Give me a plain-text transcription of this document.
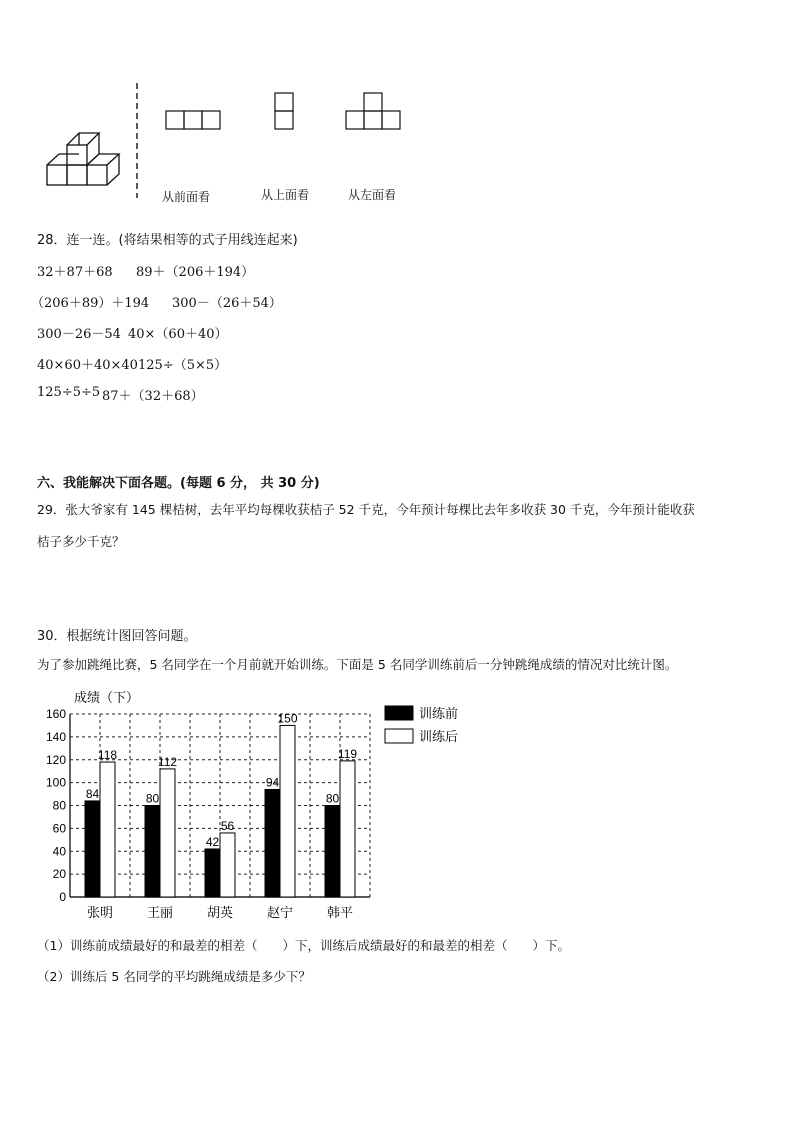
从前面看	从上面看	从左面看
28．连一连。(将结果相等的式子用线连起来)
32＋87＋68 89＋（206＋194）
（206＋89）＋194 300－（26＋54）
300－26－54 40×（60＋40）
40×60＋40×40 125÷（5×5）
125÷5÷5 87＋（32＋68）
六、我能解决下面各题。(每题 6 分， 共 30 分)
29．张大爷家有 145 棵桔树，去年平均每棵收获桔子 52 千克，今年预计每棵比去年多收获 30 千克，今年预计能收获
桔子多少千克？
30．根据统计图回答问题。
为了参加跳绳比赛，5 名同学在一个月前就开始训练。下面是 5 名同学训练前后一分钟跳绳成绩的情况对比统计图。
成绩（下）
0
20
40
60
80
100
120
140
160
84
118
80
112
42
56
94
150
80
119
张明	王丽	胡英	赵宁	韩平
训练前
训练后
（1）训练前成绩最好的和最差的相差（　　）下，训练后成绩最好的和最差的相差（　　）下。
（2）训练后 5 名同学的平均跳绳成绩是多少下？
